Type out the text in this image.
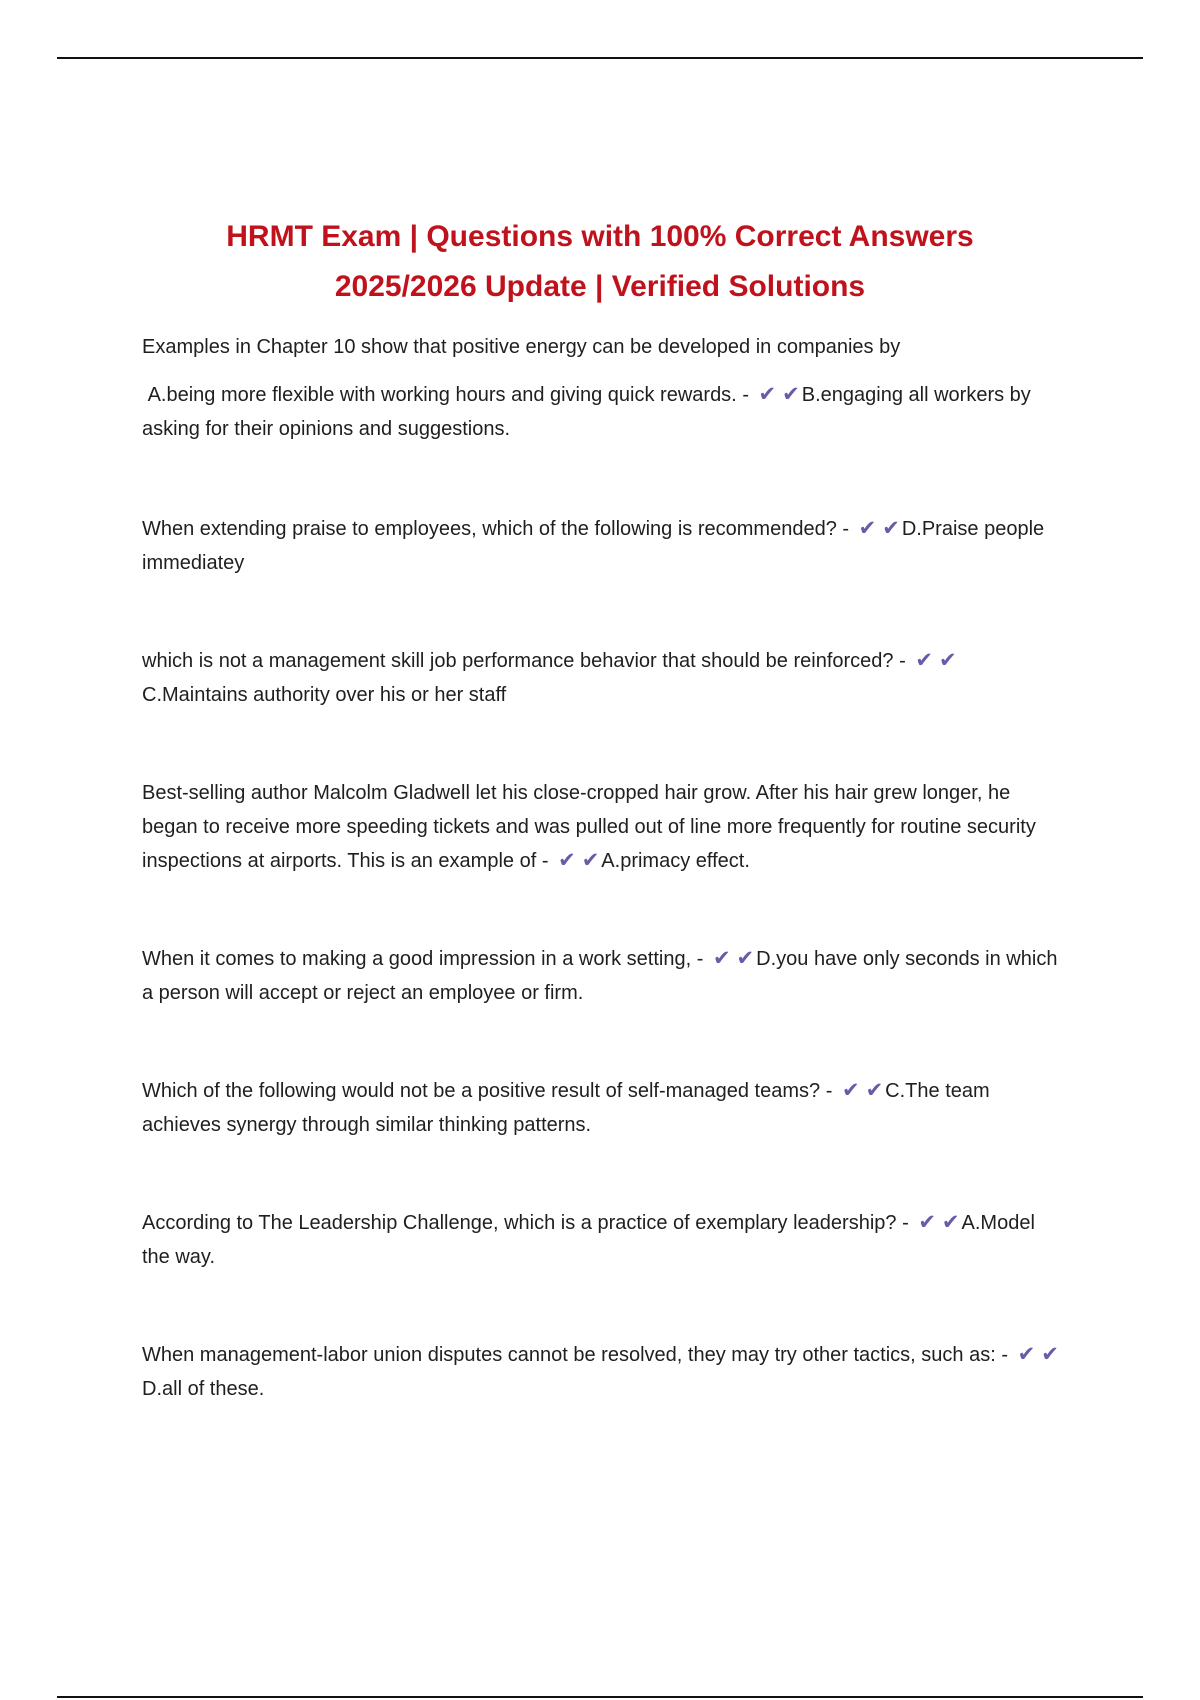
HRMT Exam | Questions with 100% Correct Answers
2025/2026 Update | Verified Solutions

Examples in Chapter 10 show that positive energy can be developed in companies by

A.being more flexible with working hours and giving quick rewards. - ✔ ✔ B.engaging all workers by asking for their opinions and suggestions.
When extending praise to employees, which of the following is recommended? - ✔ ✔ D.Praise people immediatey
which is not a management skill job performance behavior that should be reinforced? - ✔ ✔C.Maintains authority over his or her staff
Best-selling author Malcolm Gladwell let his close-cropped hair grow. After his hair grew longer, he began to receive more speeding tickets and was pulled out of line more frequently for routine security inspections at airports. This is an example of - ✔ ✔ A.primacy effect.
When it comes to making a good impression in a work setting, - ✔ ✔ D.you have only seconds in which a person will accept or reject an employee or firm.
Which of the following would not be a positive result of self-managed teams? - ✔ ✔ C.The team achieves synergy through similar thinking patterns.
According to The Leadership Challenge, which is a practice of exemplary leadership? - ✔ ✔ A.Model the way.
When management-labor union disputes cannot be resolved, they may try other tactics, such as: - ✔ ✔D.all of these.
